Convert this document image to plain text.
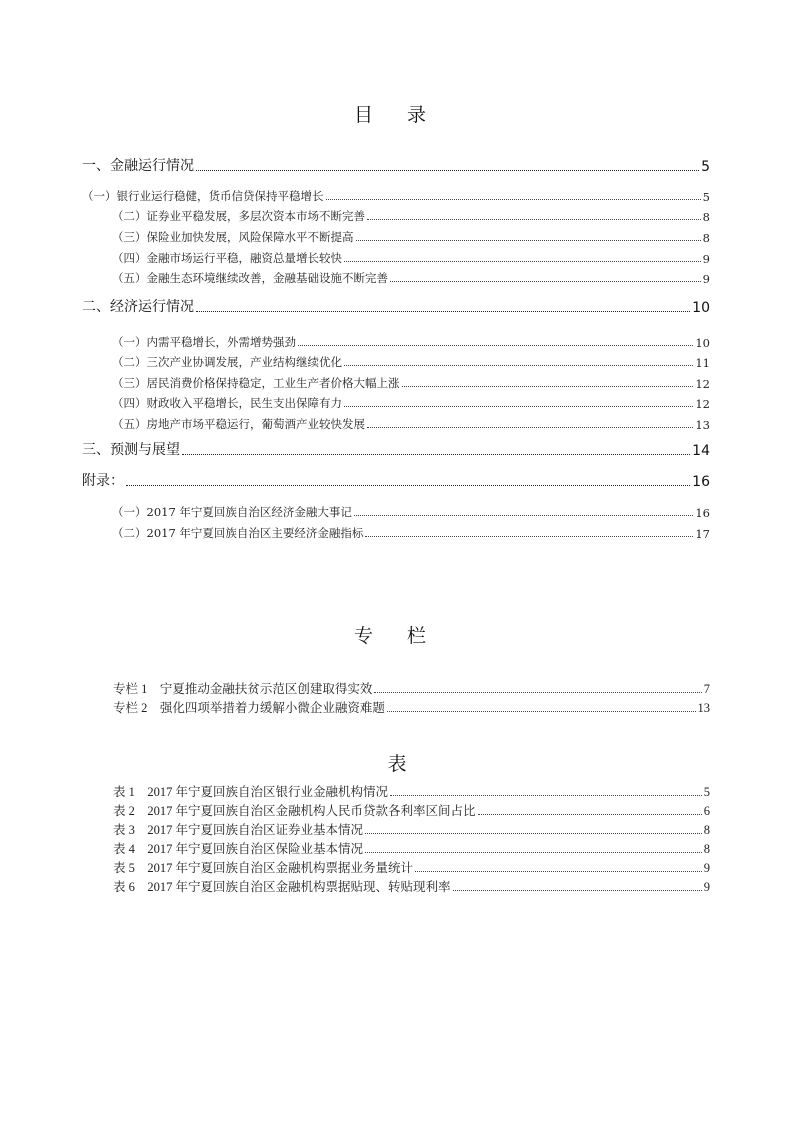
目 录
一、金融运行情况	5
（一）银行业运行稳健，货币信贷保持平稳增长	5
（二）证券业平稳发展，多层次资本市场不断完善	8
（三）保险业加快发展，风险保障水平不断提高	8
（四）金融市场运行平稳，融资总量增长较快	9
（五）金融生态环境继续改善，金融基础设施不断完善	9
二、经济运行情况	10
（一）内需平稳增长，外需增势强劲	10
（二）三次产业协调发展，产业结构继续优化	11
（三）居民消费价格保持稳定，工业生产者价格大幅上涨	12
（四）财政收入平稳增长，民生支出保障有力	12
（五）房地产市场平稳运行，葡萄酒产业较快发展	13
三、预测与展望	14
附录：	16
（一）2017 年宁夏回族自治区经济金融大事记	16
（二）2017 年宁夏回族自治区主要经济金融指标	17
专 栏
专栏 1　宁夏推动金融扶贫示范区创建取得实效	7
专栏 2　强化四项举措着力缓解小微企业融资难题	13
表
表 1　2017 年宁夏回族自治区银行业金融机构情况	5
表 2　2017 年宁夏回族自治区金融机构人民币贷款各利率区间占比	6
表 3　2017 年宁夏回族自治区证券业基本情况	8
表 4　2017 年宁夏回族自治区保险业基本情况	8
表 5　2017 年宁夏回族自治区金融机构票据业务量统计	9
表 6　2017 年宁夏回族自治区金融机构票据贴现、转贴现利率	9
